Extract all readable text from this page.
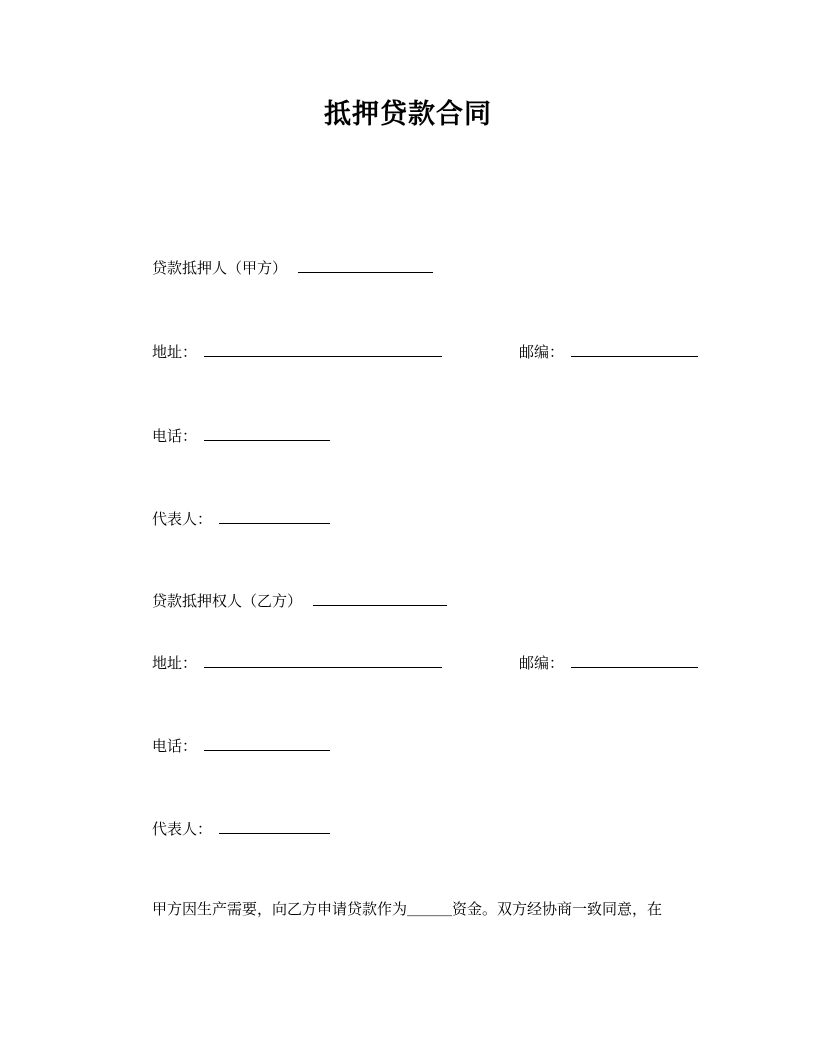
抵押贷款合同
贷款抵押人（甲方）
地址：	邮编：
电话：
代表人：
贷款抵押权人（乙方）
地址：	邮编：
电话：
代表人：
甲方因生产需要，向乙方申请贷款作为＿＿＿资金。双方经协商一致同意，在
